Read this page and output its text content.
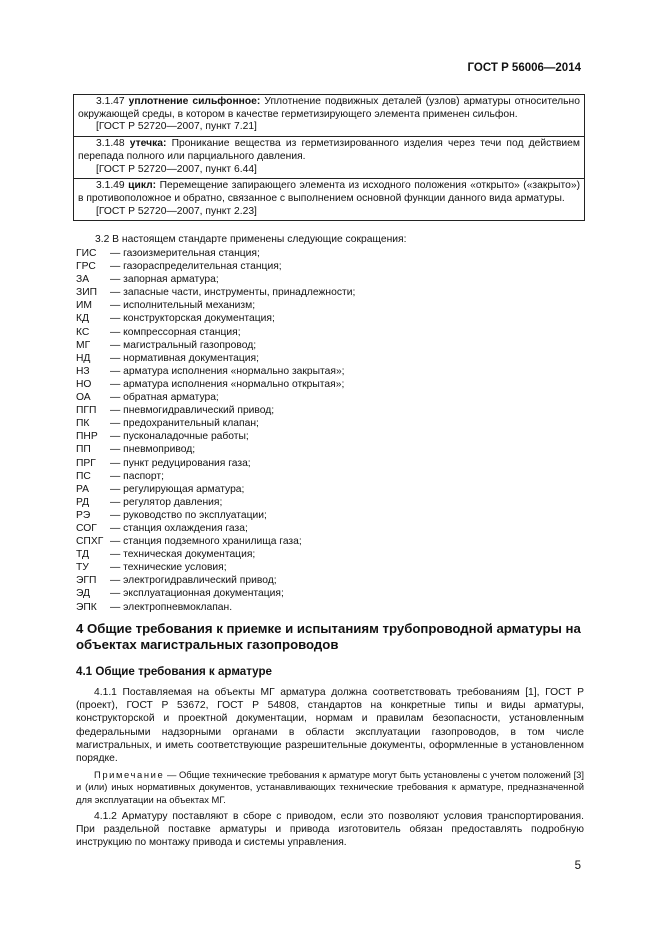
ГОСТ Р 56006—2014
3.1.47 уплотнение сильфонное: Уплотнение подвижных деталей (узлов) арматуры относительно окружающей среды, в котором в качестве герметизирующего элемента применен сильфон.
[ГОСТ Р 52720—2007, пункт 7.21]
3.1.48 утечка: Проникание вещества из герметизированного изделия через течи под действием перепада полного или парциального давления.
[ГОСТ Р 52720—2007, пункт 6.44]
3.1.49 цикл: Перемещение запирающего элемента из исходного положения «открыто» («закрыто») в противоположное и обратно, связанное с выполнением основной функции данного вида арматуры.
[ГОСТ Р 52720—2007, пункт 2.23]
3.2 В настоящем стандарте применены следующие сокращения:
ГИС	— газоизмерительная станция;
ГРС	— газораспределительная станция;
ЗА	— запорная арматура;
ЗИП	— запасные части, инструменты, принадлежности;
ИМ	— исполнительный механизм;
КД	— конструкторская документация;
КС	— компрессорная станция;
МГ	— магистральный газопровод;
НД	— нормативная документация;
НЗ	— арматура исполнения «нормально закрытая»;
НО	— арматура исполнения «нормально открытая»;
ОА	— обратная арматура;
ПГП	— пневмогидравлический привод;
ПК	— предохранительный клапан;
ПНР	— пусконаладочные работы;
ПП	— пневмопривод;
ПРГ	— пункт редуцирования газа;
ПС	— паспорт;
РА	— регулирующая арматура;
РД	— регулятор давления;
РЭ	— руководство по эксплуатации;
СОГ	— станция охлаждения газа;
СПХГ — станция подземного хранилища газа;
ТД	— техническая документация;
ТУ	— технические условия;
ЭГП	— электрогидравлический привод;
ЭД	— эксплуатационная документация;
ЭПК	— электропневмоклапан.
4 Общие требования к приемке и испытаниям трубопроводной арматуры на объектах магистральных газопроводов
4.1 Общие требования к арматуре
4.1.1 Поставляемая на объекты МГ арматура должна соответствовать требованиям [1], ГОСТ Р (проект), ГОСТ Р 53672, ГОСТ Р 54808, стандартов на конкретные типы и виды арматуры, конструкторской и проектной документации, нормам и правилам безопасности, установленным федеральными надзорными органами в области эксплуатации газопроводов, в том числе магистральных, и иметь соответствующие разрешительные документы, оформленные в установленном порядке.
Примечание — Общие технические требования к арматуре могут быть установлены с учетом положений [3] и (или) иных нормативных документов, устанавливающих технические требования к арматуре, предназначенной для эксплуатации на объектах МГ.
4.1.2 Арматуру поставляют в сборе с приводом, если это позволяют условия транспортирования. При раздельной поставке арматуры и привода изготовитель обязан предоставлять подробную инструкцию по монтажу привода и системы управления.
5
